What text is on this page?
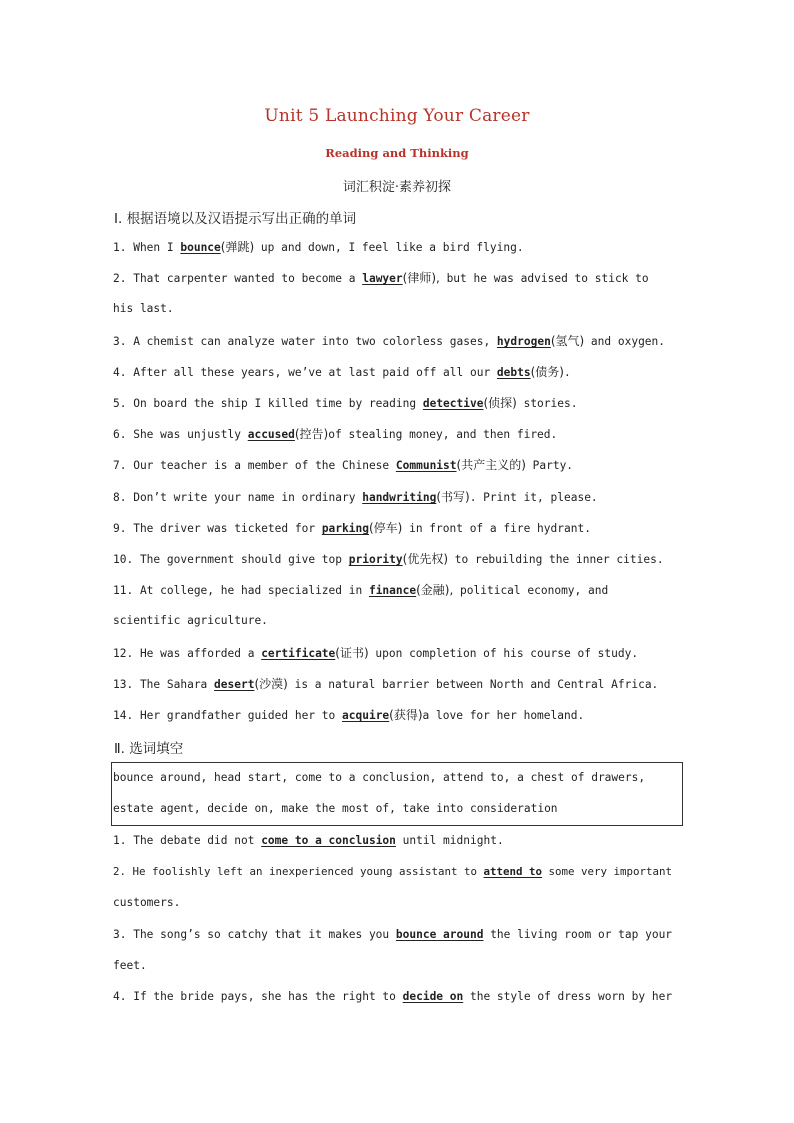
Unit 5 Launching Your Career
Reading and Thinking
词汇积淀·素养初探
Ⅰ. 根据语境以及汉语提示写出正确的单词
1. When I bounce(弹跳) up and down, I feel like a bird flying.
2. That carpenter wanted to become a lawyer(律师), but he was advised to stick to
his last.
3. A chemist can analyze water into two colorless gases, hydrogen(氢气) and oxygen.
4. After all these years, we’ve at last paid off all our debts(债务).
5. On board the ship I killed time by reading detective(侦探) stories.
6. She was unjustly accused(控告)of stealing money, and then fired.
7. Our teacher is a member of the Chinese Communist(共产主义的) Party.
8. Don’t write your name in ordinary handwriting(书写). Print it, please.
9. The driver was ticketed for parking(停车) in front of a fire hydrant.
10. The government should give top priority(优先权) to rebuilding the inner cities.
11. At college, he had specialized in finance(金融), political economy, and
scientific agriculture.
12. He was afforded a certificate(证书) upon completion of his course of study.
13. The Sahara desert(沙漠) is a natural barrier between North and Central Africa.
14. Her grandfather guided her to acquire(获得)a love for her homeland.
Ⅱ. 选词填空
bounce around, head start, come to a conclusion, attend to, a chest of drawers,
estate agent, decide on, make the most of, take into consideration
1. The debate did not come to a conclusion until midnight.
2. He foolishly left an inexperienced young assistant to attend to some very important
customers.
3. The song’s so catchy that it makes you bounce around the living room or tap your
feet.
4. If the bride pays, she has the right to decide on the style of dress worn by her
